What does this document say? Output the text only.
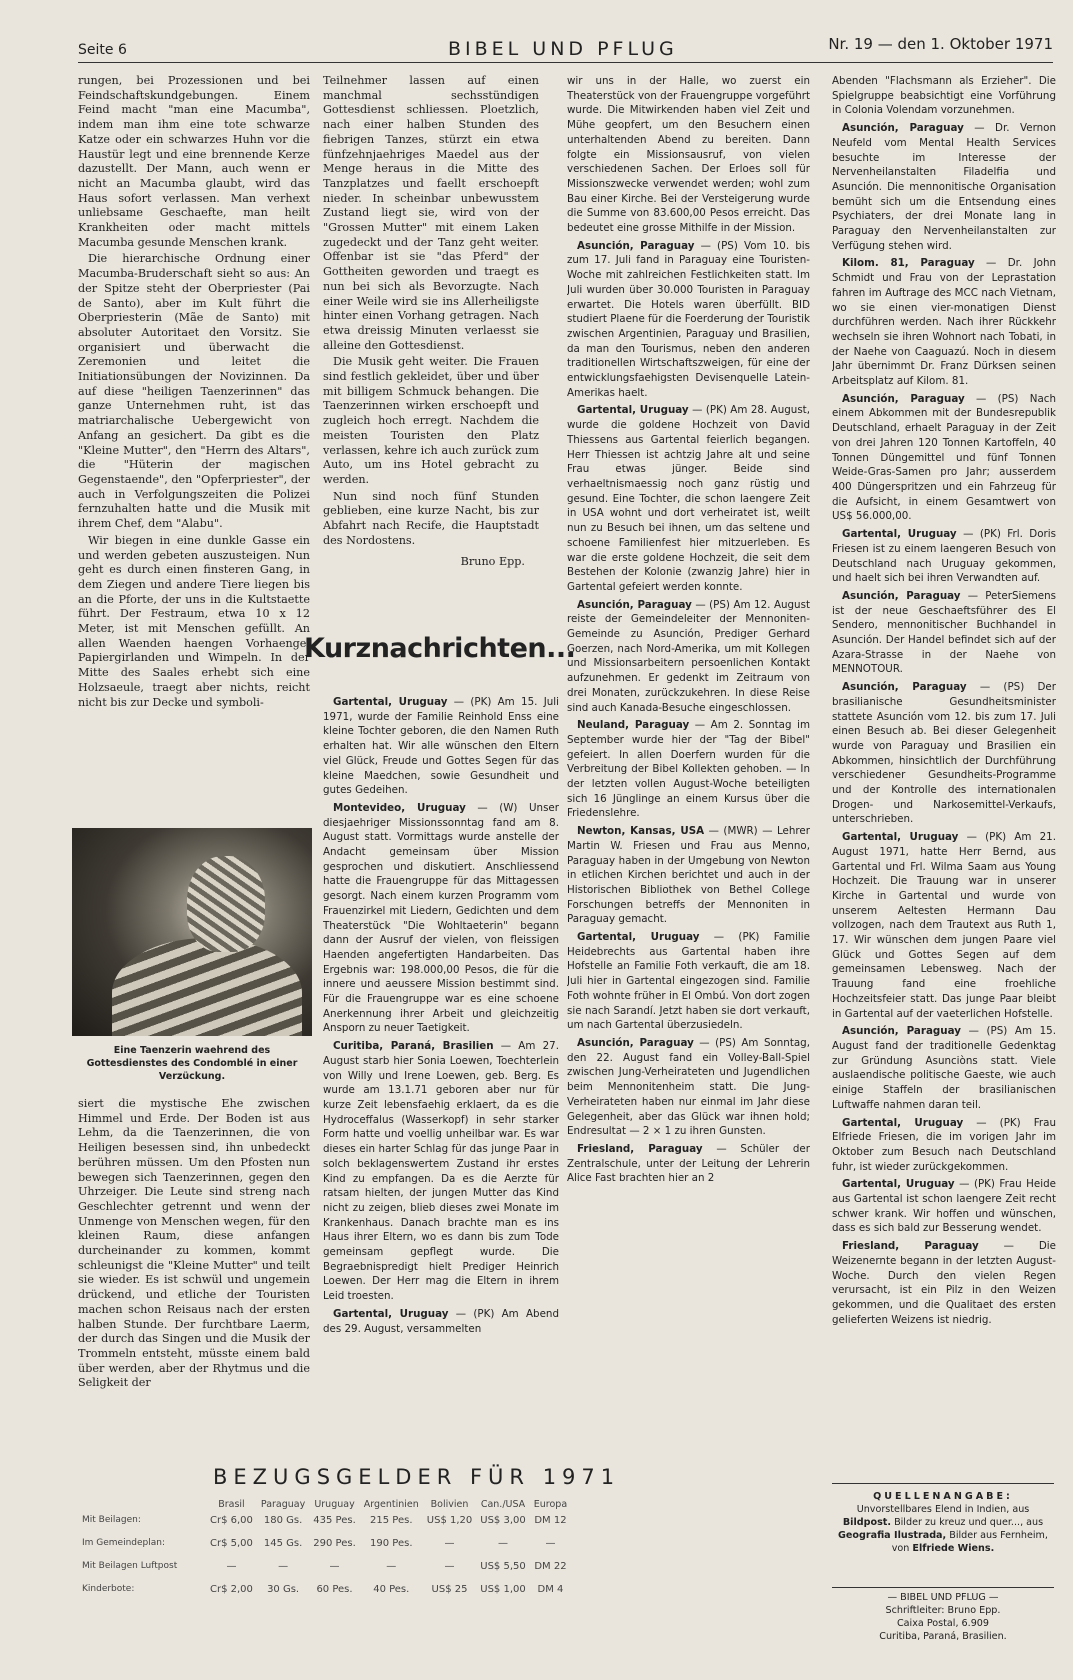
Seite 6	BIBEL UND PFLUG	Nr. 19 — den 1. Oktober 1971

rungen, bei Prozessionen und bei Feindschaftskundgebungen. Einem Feind macht "man eine Macumba", indem man ihm eine tote schwarze Katze oder ein schwarzes Huhn vor die Haustür legt und eine brennende Kerze dazustellt. Der Mann, auch wenn er nicht an Macumba glaubt, wird das Haus sofort verlassen. Man verhext unliebsame Geschaefte, man heilt Krankheiten oder macht mittels Macumba gesunde Menschen krank.

Die hierarchische Ordnung einer Macumba-Bruderschaft sieht so aus: An der Spitze steht der Oberpriester (Pai de Santo), aber im Kult führt die Oberpriesterin (Mãe de Santo) mit absoluter Autoritaet den Vorsitz. Sie organisiert und überwacht die Zeremonien und leitet die Initiationsübungen der Novizinnen. Da auf diese "heiligen Taenzerinnen" das ganze Unternehmen ruht, ist das matriarchalische Uebergewicht von Anfang an gesichert. Da gibt es die "Kleine Mutter", den "Herrn des Altars", die "Hüterin der magischen Gegenstaende", den "Opferpriester", der auch in Verfolgungszeiten die Polizei fernzuhalten hatte und die Musik mit ihrem Chef, dem "Alabu".

Wir biegen in eine dunkle Gasse ein und werden gebeten auszusteigen. Nun geht es durch einen finsteren Gang, in dem Ziegen und andere Tiere liegen bis an die Pforte, der uns in die Kultstaette führt. Der Festraum, etwa 10 x 12 Meter, ist mit Menschen gefüllt. An allen Waenden haengen Vorhaenge, Papiergirlanden und Wimpeln. In der Mitte des Saales erhebt sich eine Holzsaeule, traegt aber nichts, reicht nicht bis zur Decke und symboli-

Eine Taenzerin waehrend des Gottesdienstes des Condomblé in einer Verzückung.

siert die mystische Ehe zwischen Himmel und Erde. Der Boden ist aus Lehm, da die Taenzerinnen, die von Heiligen besessen sind, ihn unbedeckt berühren müssen. Um den Pfosten nun bewegen sich Taenzerinnen, gegen den Uhrzeiger. Die Leute sind streng nach Geschlechter getrennt und wenn der Unmenge von Menschen wegen, für den kleinen Raum, diese anfangen durcheinander zu kommen, kommt schleunigst die "Kleine Mutter" und teilt sie wieder. Es ist schwül und ungemein drückend, und etliche der Touristen machen schon Reisaus nach der ersten halben Stunde. Der furchtbare Laerm, der durch das Singen und die Musik der Trommeln entsteht, müsste einem bald über werden, aber der Rhytmus und die Seligkeit der

Teilnehmer lassen auf einen manchmal sechsstündigen Gottesdienst schliessen. Ploetzlich, nach einer halben Stunden des fiebrigen Tanzes, stürzt ein etwa fünfzehnjaehriges Maedel aus der Menge heraus in die Mitte des Tanzplatzes und faellt erschoepft nieder. In scheinbar unbewusstem Zustand liegt sie, wird von der "Grossen Mutter" mit einem Laken zugedeckt und der Tanz geht weiter. Offenbar ist sie "das Pferd" der Gottheiten geworden und traegt es nun bei sich als Bevorzugte. Nach einer Weile wird sie ins Allerheiligste hinter einen Vorhang getragen. Nach etwa dreissig Minuten verlaesst sie alleine den Gottesdienst.

Die Musik geht weiter. Die Frauen sind festlich gekleidet, über und über mit billigem Schmuck behangen. Die Taenzerinnen wirken erschoepft und zugleich hoch erregt. Nachdem die meisten Touristen den Platz verlassen, kehre ich auch zurück zum Auto, um ins Hotel gebracht zu werden.

Nun sind noch fünf Stunden geblieben, eine kurze Nacht, bis zur Abfahrt nach Recife, die Hauptstadt des Nordostens.

Bruno Epp.
Kurznachrichten...

Gartental, Uruguay — (PK) Am 15. Juli 1971, wurde der Familie Reinhold Enss eine kleine Tochter geboren, die den Namen Ruth erhalten hat. Wir alle wünschen den Eltern viel Glück, Freude und Gottes Segen für das kleine Maedchen, sowie Gesundheit und gutes Gedeihen.

Montevideo, Uruguay — (W) Unser diesjaehriger Missionssonntag fand am 8. August statt. Vormittags wurde anstelle der Andacht gemeinsam über Mission gesprochen und diskutiert. Anschliessend hatte die Frauengruppe für das Mittagessen gesorgt. Nach einem kurzen Programm vom Frauenzirkel mit Liedern, Gedichten und dem Theaterstück "Die Wohltaeterin" begann dann der Ausruf der vielen, von fleissigen Haenden angefertigten Handarbeiten. Das Ergebnis war: 198.000,00 Pesos, die für die innere und aeussere Mission bestimmt sind. Für die Frauengruppe war es eine schoene Anerkennung ihrer Arbeit und gleichzeitig Ansporn zu neuer Taetigkeit.

Curitiba, Paraná, Brasilien — Am 27. August starb hier Sonia Loewen, Toechterlein von Willy und Irene Loewen, geb. Berg. Es wurde am 13.1.71 geboren aber nur für kurze Zeit lebensfaehig erklaert, da es die Hydroceffalus (Wasserkopf) in sehr starker Form hatte und voellig unheilbar war. Es war dieses ein harter Schlag für das junge Paar in solch beklagenswertem Zustand ihr erstes Kind zu empfangen. Da es die Aerzte für ratsam hielten, der jungen Mutter das Kind nicht zu zeigen, blieb dieses zwei Monate im Krankenhaus. Danach brachte man es ins Haus ihrer Eltern, wo es dann bis zum Tode gemeinsam gepflegt wurde. Die Begraebnispredigt hielt Prediger Heinrich Loewen. Der Herr mag die Eltern in ihrem Leid troesten.

Gartental, Uruguay — (PK) Am Abend des 29. August, versammelten

wir uns in der Halle, wo zuerst ein Theaterstück von der Frauengruppe vorgeführt wurde. Die Mitwirkenden haben viel Zeit und Mühe geopfert, um den Besuchern einen unterhaltenden Abend zu bereiten. Dann folgte ein Missionsausruf, von vielen verschiedenen Sachen. Der Erloes soll für Missionszwecke verwendet werden; wohl zum Bau einer Kirche. Bei der Versteigerung wurde die Summe von 83.600,00 Pesos erreicht. Das bedeutet eine grosse Mithilfe in der Mission.

Asunción, Paraguay — (PS) Vom 10. bis zum 17. Juli fand in Paraguay eine Touristen-Woche mit zahlreichen Festlichkeiten statt. Im Juli wurden über 30.000 Touristen in Paraguay erwartet. Die Hotels waren überfüllt. BID studiert Plaene für die Foerderung der Touristik zwischen Argentinien, Paraguay und Brasilien, da man den Tourismus, neben den anderen traditionellen Wirtschaftszweigen, für eine der entwicklungsfaehigsten Devisenquelle Latein-Amerikas haelt.

Gartental, Uruguay — (PK) Am 28. August, wurde die goldene Hochzeit von David Thiessens aus Gartental feierlich begangen. Herr Thiessen ist achtzig Jahre alt und seine Frau etwas jünger. Beide sind verhaeltnismaessig noch ganz rüstig und gesund. Eine Tochter, die schon laengere Zeit in USA wohnt und dort verheiratet ist, weilt nun zu Besuch bei ihnen, um das seltene und schoene Familienfest hier mitzuerleben. Es war die erste goldene Hochzeit, die seit dem Bestehen der Kolonie (zwanzig Jahre) hier in Gartental gefeiert werden konnte.

Asunción, Paraguay — (PS) Am 12. August reiste der Gemeindeleiter der Mennoniten-Gemeinde zu Asunción, Prediger Gerhard Goerzen, nach Nord-Amerika, um mit Kollegen und Missionsarbeitern persoenlichen Kontakt aufzunehmen. Er gedenkt im Zeitraum von drei Monaten, zurückzukehren. In diese Reise sind auch Kanada-Besuche eingeschlossen.

Neuland, Paraguay — Am 2. Sonntag im September wurde hier der "Tag der Bibel" gefeiert. In allen Doerfern wurden für die Verbreitung der Bibel Kollekten gehoben. — In der letzten vollen August-Woche beteiligten sich 16 Jünglinge an einem Kursus über die Friedenslehre.

Newton, Kansas, USA — (MWR) — Lehrer Martin W. Friesen und Frau aus Menno, Paraguay haben in der Umgebung von Newton in etlichen Kirchen berichtet und auch in der Historischen Bibliothek von Bethel College Forschungen betreffs der Mennoniten in Paraguay gemacht.

Gartental, Uruguay — (PK) Familie Heidebrechts aus Gartental haben ihre Hofstelle an Familie Foth verkauft, die am 18. Juli hier in Gartental eingezogen sind. Familie Foth wohnte früher in El Ombú. Von dort zogen sie nach Sarandí. Jetzt haben sie dort verkauft, um nach Gartental überzusiedeln.

Asunción, Paraguay — (PS) Am Sonntag, den 22. August fand ein Volley-Ball-Spiel zwischen Jung-Verheirateten und Jugendlichen beim Mennonitenheim statt. Die Jung-Verheirateten haben nur einmal im Jahr diese Gelegenheit, aber das Glück war ihnen hold; Endresultat — 2 × 1 zu ihren Gunsten.

Friesland, Paraguay — Schüler der Zentralschule, unter der Leitung der Lehrerin Alice Fast brachten hier an 2

Abenden "Flachsmann als Erzieher". Die Spielgruppe beabsichtigt eine Vorführung in Colonia Volendam vorzunehmen.

Asunción, Paraguay — Dr. Vernon Neufeld vom Mental Health Services besuchte im Interesse der Nervenheilanstalten Filadelfia und Asunción. Die mennonitische Organisation bemüht sich um die Entsendung eines Psychiaters, der drei Monate lang in Paraguay den Nervenheilanstalten zur Verfügung stehen wird.

Kilom. 81, Paraguay — Dr. John Schmidt und Frau von der Leprastation fahren im Auftrage des MCC nach Vietnam, wo sie einen vier-monatigen Dienst durchführen werden. Nach ihrer Rückkehr wechseln sie ihren Wohnort nach Tobati, in der Naehe von Caaguazú. Noch in diesem Jahr übernimmt Dr. Franz Dürksen seinen Arbeitsplatz auf Kilom. 81.

Asunción, Paraguay — (PS) Nach einem Abkommen mit der Bundesrepublik Deutschland, erhaelt Paraguay in der Zeit von drei Jahren 120 Tonnen Kartoffeln, 40 Tonnen Düngemittel und fünf Tonnen Weide-Gras-Samen pro Jahr; ausserdem 400 Düngerspritzen und ein Fahrzeug für die Aufsicht, in einem Gesamtwert von US$ 56.000,00.

Gartental, Uruguay — (PK) Frl. Doris Friesen ist zu einem laengeren Besuch von Deutschland nach Uruguay gekommen, und haelt sich bei ihren Verwandten auf.

Asunción, Paraguay — PeterSiemens ist der neue Geschaeftsführer des El Sendero, mennonitischer Buchhandel in Asunción. Der Handel befindet sich auf der Azara-Strasse in der Naehe von MENNOTOUR.

Asunción, Paraguay — (PS) Der brasilianische Gesundheitsminister stattete Asunción vom 12. bis zum 17. Juli einen Besuch ab. Bei dieser Gelegenheit wurde von Paraguay und Brasilien ein Abkommen, hinsichtlich der Durchführung verschiedener Gesundheits-Programme und der Kontrolle des internationalen Drogen- und Narkosemittel-Verkaufs, unterschrieben.

Gartental, Uruguay — (PK) Am 21. August 1971, hatte Herr Bernd, aus Gartental und Frl. Wilma Saam aus Young Hochzeit. Die Trauung war in unserer Kirche in Gartental und wurde von unserem Aeltesten Hermann Dau vollzogen, nach dem Trautext aus Ruth 1, 17. Wir wünschen dem jungen Paare viel Glück und Gottes Segen auf dem gemeinsamen Lebensweg. Nach der Trauung fand eine froehliche Hochzeitsfeier statt. Das junge Paar bleibt in Gartental auf der vaeterlichen Hofstelle.

Asunción, Paraguay — (PS) Am 15. August fand der traditionelle Gedenktag zur Gründung Asunciòns statt. Viele auslaendische politische Gaeste, wie auch einige Staffeln der brasilianischen Luftwaffe nahmen daran teil.

Gartental, Uruguay — (PK) Frau Elfriede Friesen, die im vorigen Jahr im Oktober zum Besuch nach Deutschland fuhr, ist wieder zurückgekommen.

Gartental, Uruguay — (PK) Frau Heide aus Gartental ist schon laengere Zeit recht schwer krank. Wir hoffen und wünschen, dass es sich bald zur Besserung wendet.

Friesland, Paraguay — Die Weizenernte begann in der letzten August-Woche. Durch den vielen Regen verursacht, ist ein Pilz in den Weizen gekommen, und die Qualitaet des ersten gelieferten Weizens ist niedrig.

BEZUGSGELDER FÜR 1971
	Brasil	Paraguay	Uruguay	Argentinien	Bolivien	Can./USA	Europa
Mit Beilagen:	Cr$ 6,00	180 Gs.	435 Pes.	215 Pes.	US$ 1,20	US$ 3,00	DM 12
Im Gemeindeplan:	Cr$ 5,00	145 Gs.	290 Pes.	190 Pes.	—	—	—
Mit Beilagen Luftpost	—	—	—	—	—	US$ 5,50	DM 22
Kinderbote:	Cr$ 2,00	30 Gs.	60 Pes.	40 Pes.	US$ 25	US$ 1,00	DM 4
QUELLENANGABE:
Unvorstellbares Elend in Indien, aus
Bildpost. Bilder zu kreuz und quer..., aus
Geografia Ilustrada, Bilder aus Fernheim, von Elfriede Wiens.
— BIBEL UND PFLUG —
Schriftleiter: Bruno Epp.
Caixa Postal, 6.909
Curitiba, Paraná, Brasilien.
